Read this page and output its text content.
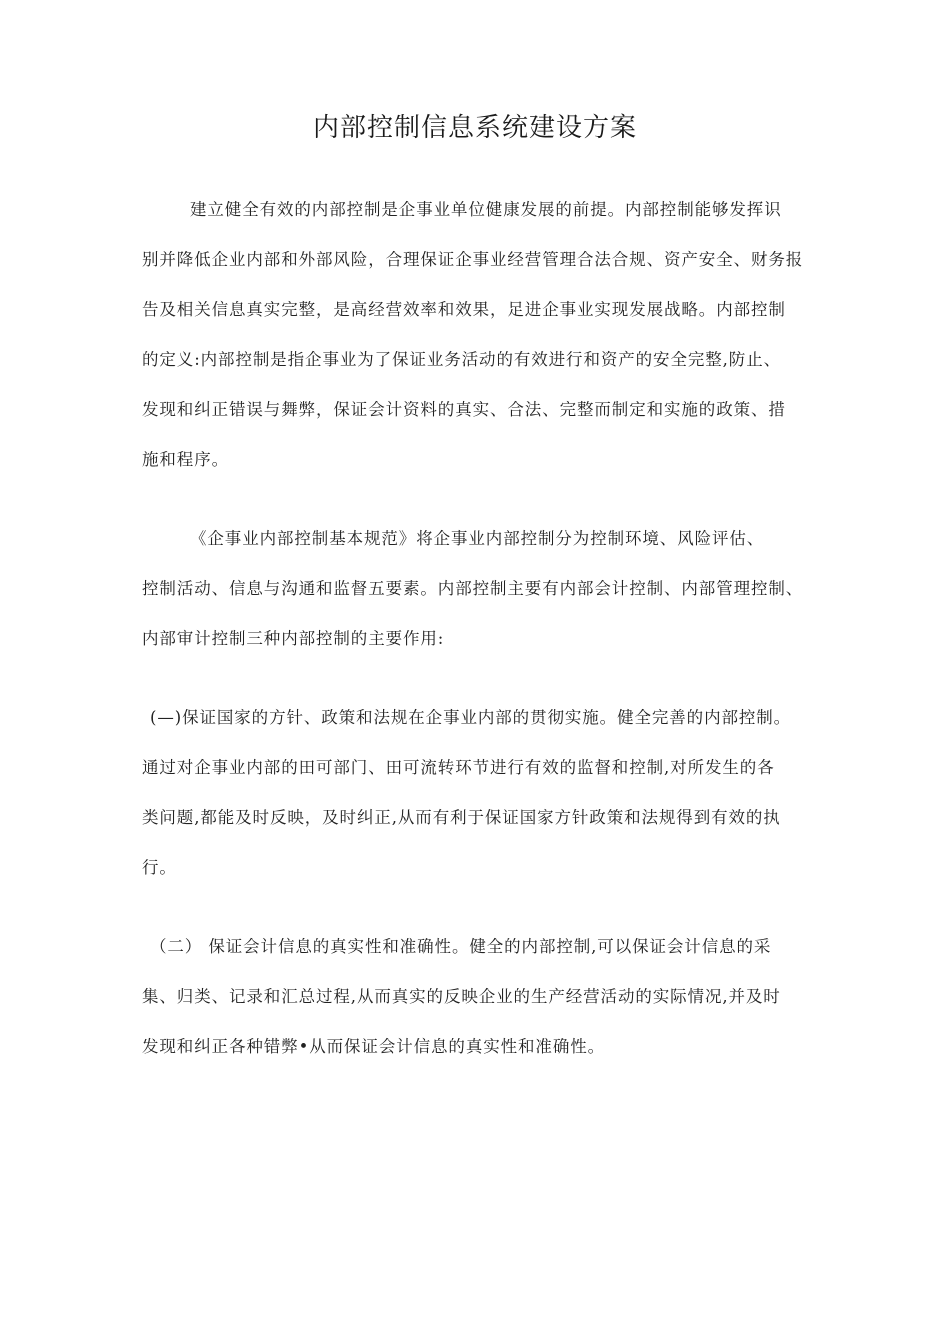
内部控制信息系统建设方案
建立健全有效的内部控制是企事业单位健康发展的前提。内部控制能够发挥识
别并降低企业内部和外部风险，合理保证企事业经营管理合法合规、资产安全、财务报
告及相关信息真实完整，是高经营效率和效果，足进企事业实现发展战略。内部控制
的定义:内部控制是指企事业为了保证业务活动的有效进行和资产的安全完整,防止、
发现和纠正错误与舞弊，保证会计资料的真实、合法、完整而制定和实施的政策、措
施和程序。
《企事业内部控制基本规范》将企事业内部控制分为控制环境、风险评估、
控制活动、信息与沟通和监督五要素。内部控制主要有内部会计控制、内部管理控制、
内部审计控制三种内部控制的主要作用:
(—)保证国家的方针、政策和法规在企事业内部的贯彻实施。健全完善的内部控制。
通过对企事业内部的田可部门、田可流转环节进行有效的监督和控制,对所发生的各
类问题,都能及时反映，及时纠正,从而有利于保证国家方针政策和法规得到有效的执
行。
（二） 保证会计信息的真实性和准确性。健全的内部控制,可以保证会计信息的采
集、归类、记录和汇总过程,从而真实的反映企业的生产经营活动的实际情况,并及时
发现和纠正各种错弊•从而保证会计信息的真实性和准确性。
